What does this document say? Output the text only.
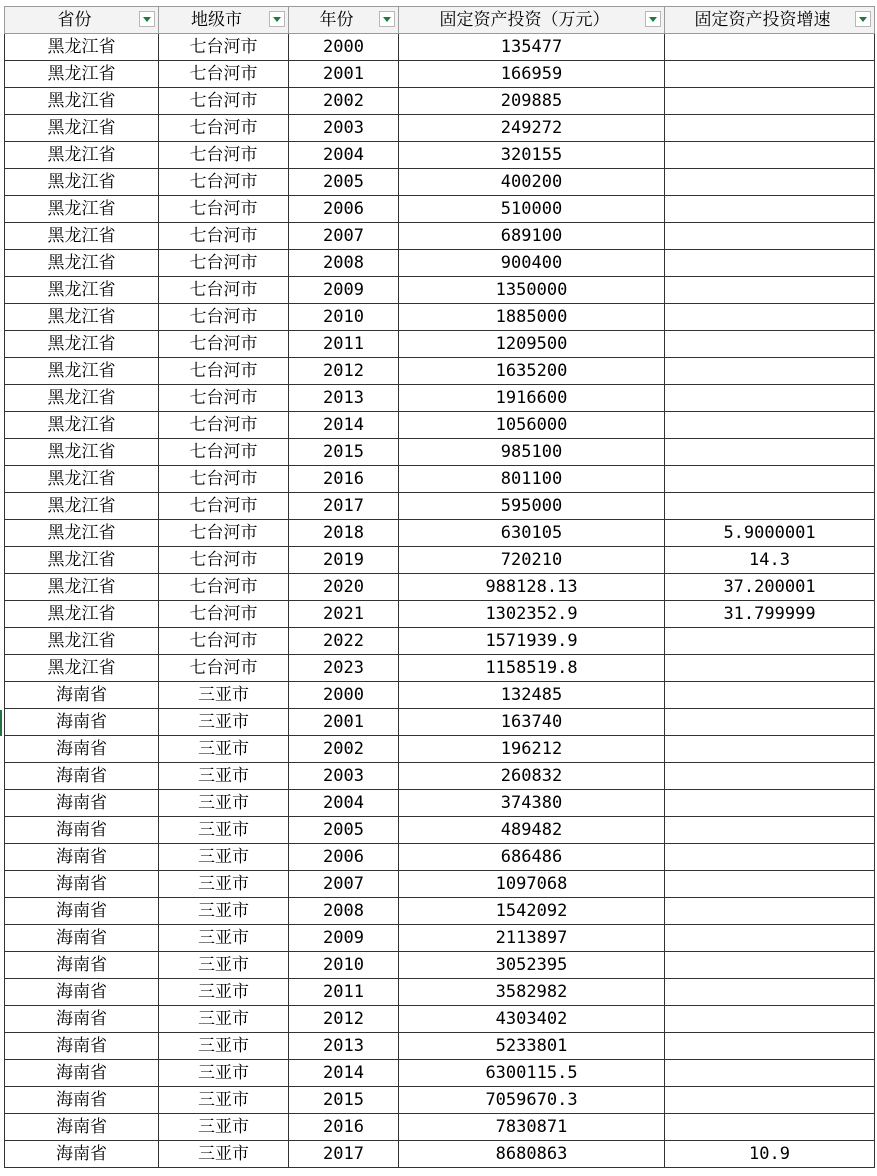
省份	地级市	年份	固定资产投资（万元）	固定资产投资增速

黑龙江省	七台河市	2000	135477	
黑龙江省	七台河市	2001	166959	
黑龙江省	七台河市	2002	209885	
黑龙江省	七台河市	2003	249272	
黑龙江省	七台河市	2004	320155	
黑龙江省	七台河市	2005	400200	
黑龙江省	七台河市	2006	510000	
黑龙江省	七台河市	2007	689100	
黑龙江省	七台河市	2008	900400	
黑龙江省	七台河市	2009	1350000	
黑龙江省	七台河市	2010	1885000	
黑龙江省	七台河市	2011	1209500	
黑龙江省	七台河市	2012	1635200	
黑龙江省	七台河市	2013	1916600	
黑龙江省	七台河市	2014	1056000	
黑龙江省	七台河市	2015	985100	
黑龙江省	七台河市	2016	801100	
黑龙江省	七台河市	2017	595000	
黑龙江省	七台河市	2018	630105	5.9000001
黑龙江省	七台河市	2019	720210	14.3
黑龙江省	七台河市	2020	988128.13	37.200001
黑龙江省	七台河市	2021	1302352.9	31.799999
黑龙江省	七台河市	2022	1571939.9	
黑龙江省	七台河市	2023	1158519.8	
海南省	三亚市	2000	132485	
海南省	三亚市	2001	163740	
海南省	三亚市	2002	196212	
海南省	三亚市	2003	260832	
海南省	三亚市	2004	374380	
海南省	三亚市	2005	489482	
海南省	三亚市	2006	686486	
海南省	三亚市	2007	1097068	
海南省	三亚市	2008	1542092	
海南省	三亚市	2009	2113897	
海南省	三亚市	2010	3052395	
海南省	三亚市	2011	3582982	
海南省	三亚市	2012	4303402	
海南省	三亚市	2013	5233801	
海南省	三亚市	2014	6300115.5	
海南省	三亚市	2015	7059670.3	
海南省	三亚市	2016	7830871	
海南省	三亚市	2017	8680863	10.9
